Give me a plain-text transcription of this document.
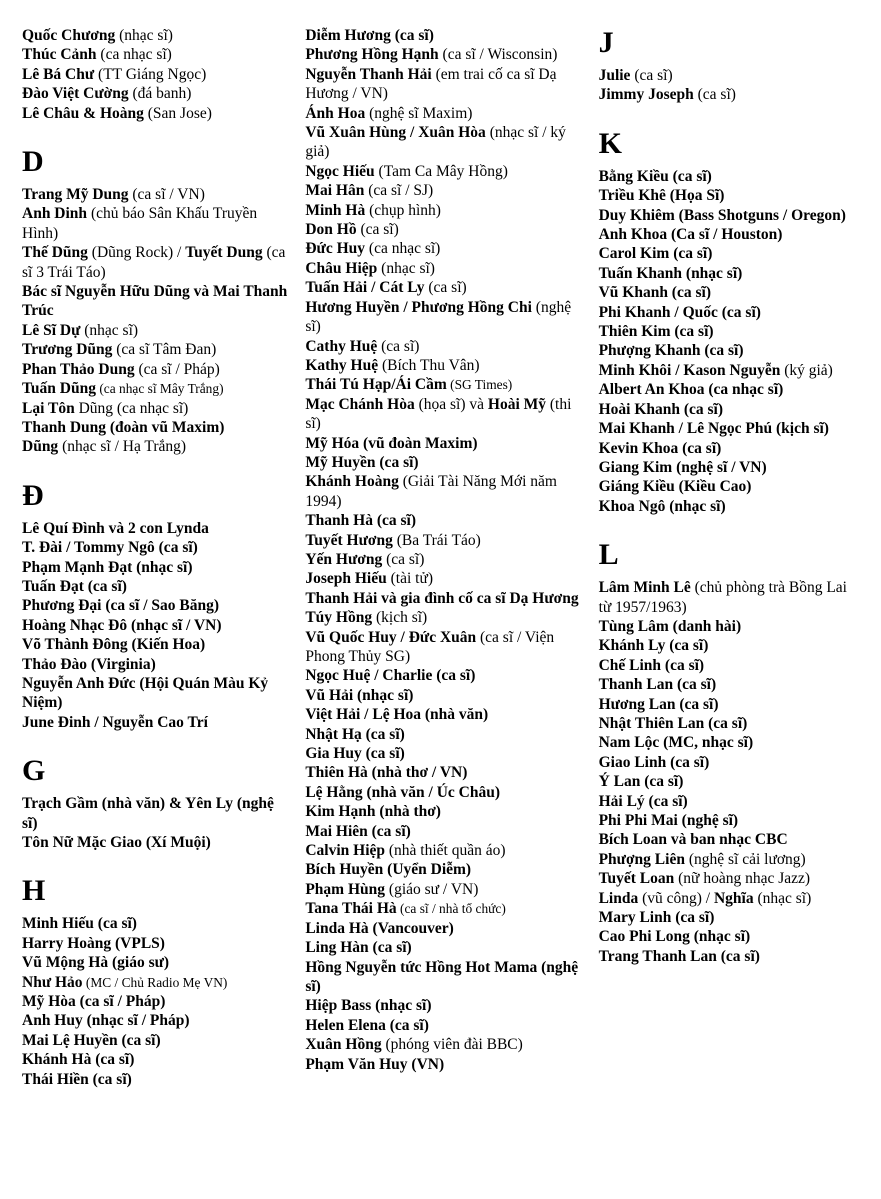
Quốc Chương (nhạc sĩ)
Thúc Cảnh (ca nhạc sĩ)
Lê Bá Chư (TT Giáng Ngọc)
Đào Việt Cường (đá banh)
Lê Châu & Hoàng (San Jose)
D
Trang Mỹ Dung (ca sĩ / VN)
Anh Dinh (chủ báo Sân Khấu Truyền Hình)
Thế Dũng (Dũng Rock) / Tuyết Dung (ca sĩ 3 Trái Táo)
Bác sĩ Nguyễn Hữu Dũng và Mai Thanh Trúc
Lê Sĩ Dự (nhạc sĩ)
Trương Dũng (ca sĩ Tâm Đan)
Phan Thảo Dung (ca sĩ / Pháp)
Tuấn Dũng (ca nhạc sĩ Mây Trắng)
Lại Tôn Dũng (ca nhạc sĩ)
Thanh Dung (đoàn vũ Maxim)
Dũng (nhạc sĩ / Hạ Trắng)
Đ
Lê Quí Đình và 2 con Lynda
T. Đài / Tommy Ngô (ca sĩ)
Phạm Mạnh Đạt (nhạc sĩ)
Tuấn Đạt (ca sĩ)
Phương Đại (ca sĩ / Sao Băng)
Hoàng Nhạc Đô (nhạc sĩ / VN)
Võ Thành Đông (Kiến Hoa)
Thảo Đào (Virginia)
Nguyễn Anh Đức (Hội Quán Màu Kỷ Niệm)
June Đinh / Nguyễn Cao Trí
G
Trạch Gầm (nhà văn) & Yên Ly (nghệ sĩ)
Tôn Nữ Mặc Giao (Xí Muội)
H
Minh Hiếu (ca sĩ)
Harry Hoàng (VPLS)
Vũ Mộng Hà (giáo sư)
Như Hảo (MC / Chủ Radio Mẹ VN)
Mỹ Hòa (ca sĩ / Pháp)
Anh Huy (nhạc sĩ / Pháp)
Mai Lệ Huyền (ca sĩ)
Khánh Hà (ca sĩ)
Thái Hiền (ca sĩ)
Diễm Hương (ca sĩ)
Phương Hồng Hạnh (ca sĩ / Wisconsin)
Nguyễn Thanh Hải (em trai cố ca sĩ Dạ Hương / VN)
Ánh Hoa (nghệ sĩ Maxim)
Vũ Xuân Hùng / Xuân Hòa (nhạc sĩ / ký giả)
Ngọc Hiếu (Tam Ca Mây Hồng)
Mai Hân (ca sĩ / SJ)
Minh Hà (chụp hình)
Don Hồ (ca sĩ)
Đức Huy (ca nhạc sĩ)
Châu Hiệp (nhạc sĩ)
Tuấn Hải / Cát Ly (ca sĩ)
Hương Huyền / Phương Hồng Chi (nghệ sĩ)
Cathy Huệ (ca sĩ)
Kathy Huệ (Bích Thu Vân)
Thái Tú Hạp/Ái Cầm (SG Times)
Mạc Chánh Hòa (họa sĩ) và Hoài Mỹ (thi sĩ)
Mỹ Hóa (vũ đoàn Maxim)
Mỹ Huyền (ca sĩ)
Khánh Hoàng (Giải Tài Năng Mới năm 1994)
Thanh Hà (ca sĩ)
Tuyết Hương (Ba Trái Táo)
Yến Hương (ca sĩ)
Joseph Hiếu (tài tử)
Thanh Hải và gia đình cố ca sĩ Dạ Hương
Túy Hồng (kịch sĩ)
Vũ Quốc Huy / Đức Xuân (ca sĩ / Viện Phong Thủy SG)
Ngọc Huệ / Charlie (ca sĩ)
Vũ Hải (nhạc sĩ)
Việt Hải / Lệ Hoa (nhà văn)
Nhật Hạ (ca sĩ)
Gia Huy (ca sĩ)
Thiên Hà (nhà thơ / VN)
Lệ Hằng (nhà văn / Úc Châu)
Kim Hạnh (nhà thơ)
Mai Hiên (ca sĩ)
Calvin Hiệp (nhà thiết quần áo)
Bích Huyền (Uyển Diễm)
Phạm Hùng (giáo sư / VN)
Tana Thái Hà (ca sĩ / nhà tổ chức)
Linda Hà (Vancouver)
Ling Hàn (ca sĩ)
Hồng Nguyễn tức Hồng Hot Mama (nghệ sĩ)
Hiệp Bass (nhạc sĩ)
Helen Elena (ca sĩ)
Xuân Hồng (phóng viên đài BBC)
Phạm Văn Huy (VN)
J
Julie (ca sĩ)
Jimmy Joseph (ca sĩ)
K
Bằng Kiều (ca sĩ)
Triều Khê (Họa Sĩ)
Duy Khiêm (Bass Shotguns / Oregon)
Anh Khoa (Ca sĩ / Houston)
Carol Kim (ca sĩ)
Tuấn Khanh (nhạc sĩ)
Vũ Khanh (ca sĩ)
Phi Khanh / Quốc (ca sĩ)
Thiên Kim (ca sĩ)
Phượng Khanh (ca sĩ)
Minh Khôi / Kason Nguyễn (ký giả)
Albert An Khoa (ca nhạc sĩ)
Hoài Khanh (ca sĩ)
Mai Khanh / Lê Ngọc Phú (kịch sĩ)
Kevin Khoa (ca sĩ)
Giang Kim (nghệ sĩ / VN)
Giáng Kiều (Kiều Cao)
Khoa Ngô (nhạc sĩ)
L
Lâm Minh Lê (chủ phòng trà Bồng Lai từ 1957/1963)
Tùng Lâm (danh hài)
Khánh Ly (ca sĩ)
Chế Linh (ca sĩ)
Thanh Lan (ca sĩ)
Hương Lan (ca sĩ)
Nhật Thiên Lan (ca sĩ)
Nam Lộc (MC, nhạc sĩ)
Giao Linh (ca sĩ)
Ý Lan (ca sĩ)
Hải Lý (ca sĩ)
Phi Phi Mai (nghệ sĩ)
Bích Loan và ban nhạc CBC
Phượng Liên (nghệ sĩ cải lương)
Tuyết Loan (nữ hoàng nhạc Jazz)
Linda (vũ công) / Nghĩa (nhạc sĩ)
Mary Linh (ca sĩ)
Cao Phi Long (nhạc sĩ)
Trang Thanh Lan (ca sĩ)
